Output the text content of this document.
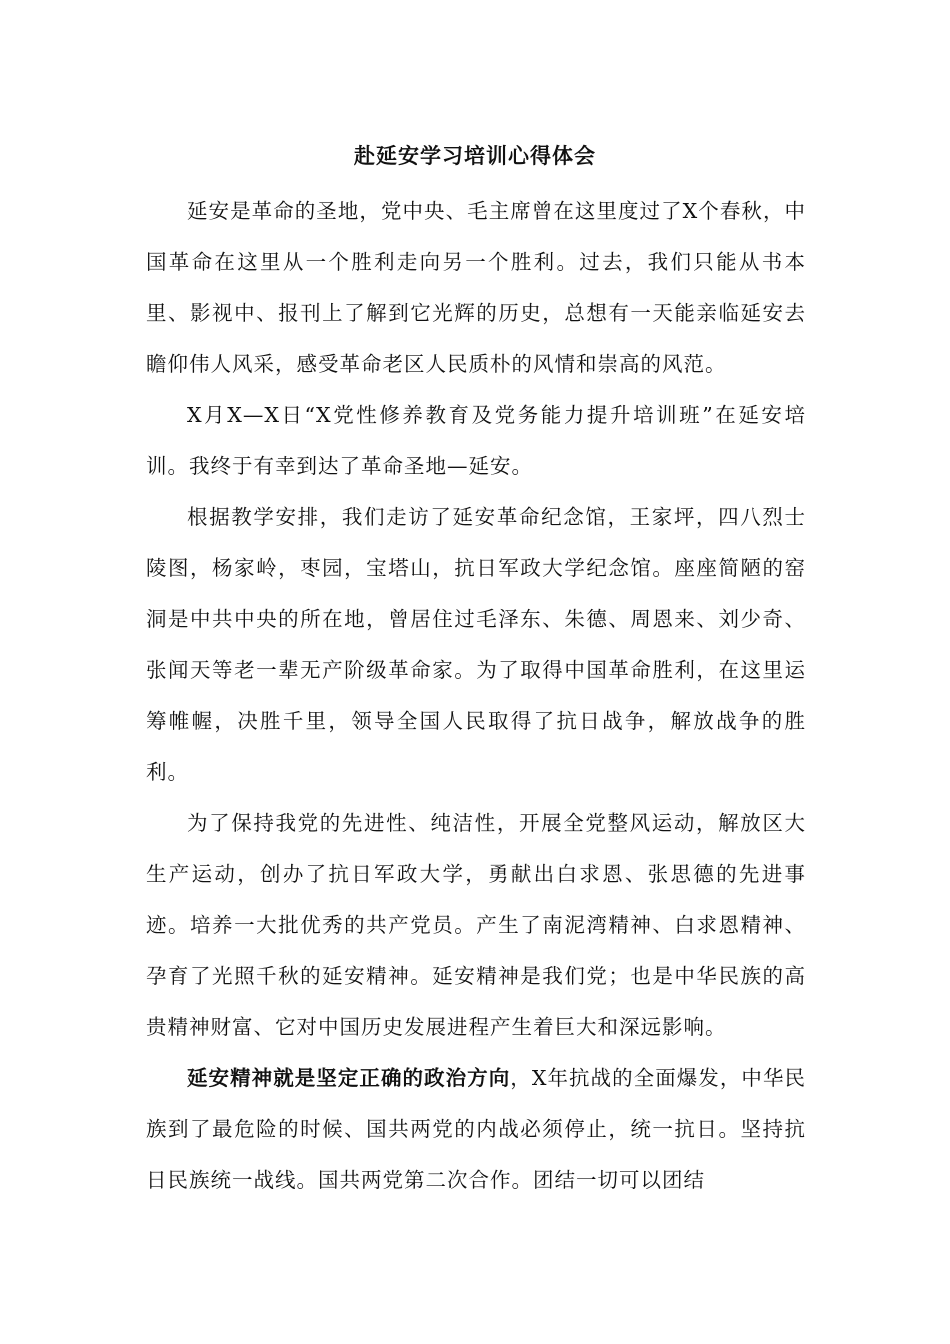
赴延安学习培训心得体会

延安是革命的圣地，党中央、毛主席曾在这里度过了X个春秋，中国革命在这里从一个胜利走向另一个胜利。过去，我们只能从书本里、影视中、报刊上了解到它光辉的历史，总想有一天能亲临延安去瞻仰伟人风采，感受革命老区人民质朴的风情和崇高的风范。

X月X—X日“X党性修养教育及党务能力提升培训班”在延安培训。我终于有幸到达了革命圣地—延安。

根据教学安排，我们走访了延安革命纪念馆，王家坪，四八烈士陵图，杨家岭，枣园，宝塔山，抗日军政大学纪念馆。座座简陋的窑洞是中共中央的所在地，曾居住过毛泽东、朱德、周恩来、刘少奇、张闻天等老一辈无产阶级革命家。为了取得中国革命胜利，在这里运筹帷幄，决胜千里，领导全国人民取得了抗日战争，解放战争的胜利。

为了保持我党的先进性、纯洁性，开展全党整风运动，解放区大生产运动，创办了抗日军政大学，勇献出白求恩、张思德的先进事迹。培养一大批优秀的共产党员。产生了南泥湾精神、白求恩精神、孕育了光照千秋的延安精神。延安精神是我们党；也是中华民族的高贵精神财富、它对中国历史发展进程产生着巨大和深远影响。

延安精神就是坚定正确的政治方向，X年抗战的全面爆发，中华民族到了最危险的时候、国共两党的内战必须停止，统一抗日。坚持抗日民族统一战线。国共两党第二次合作。团结一切可以团结
